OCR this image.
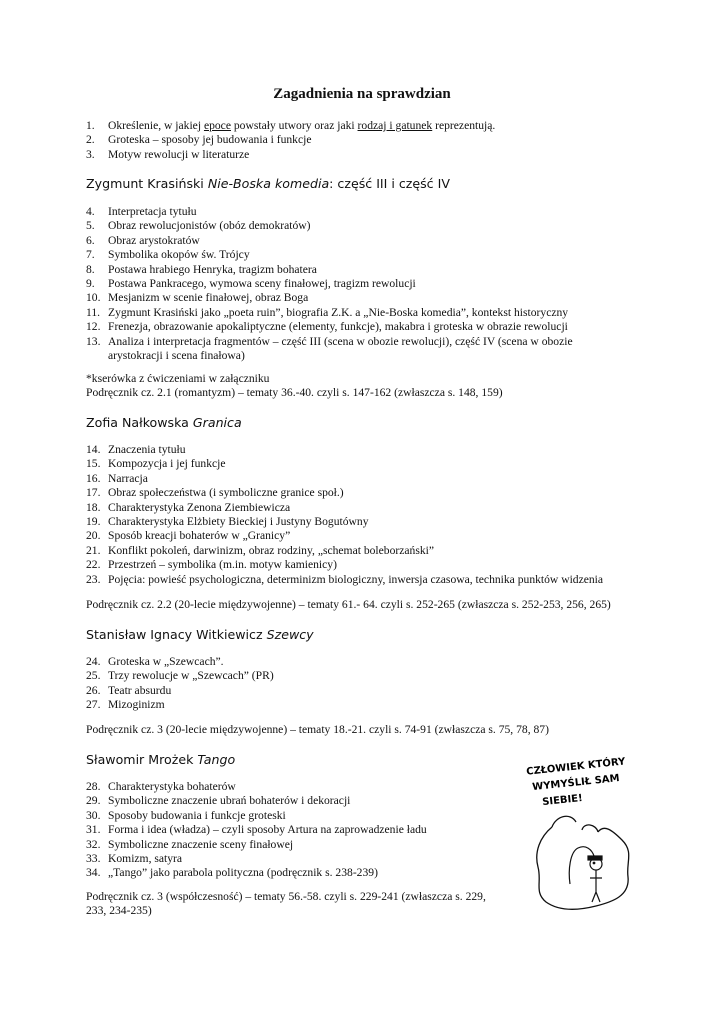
Zagadnienia na sprawdzian
1. Określenie, w jakiej epoce powstały utwory oraz jaki rodzaj i gatunek reprezentują.
2. Groteska – sposoby jej budowania i funkcje
3. Motyw rewolucji w literaturze
Zygmunt Krasiński Nie-Boska komedia: część III i część IV
4. Interpretacja tytułu
5. Obraz rewolucjonistów (obóz demokratów)
6. Obraz arystokratów
7. Symbolika okopów św. Trójcy
8. Postawa hrabiego Henryka, tragizm bohatera
9. Postawa Pankracego, wymowa sceny finałowej, tragizm rewolucji
10. Mesjanizm w scenie finałowej, obraz Boga
11. Zygmunt Krasiński jako „poeta ruin”, biografia Z.K. a „Nie-Boska komedia”, kontekst historyczny
12. Frenezja, obrazowanie apokaliptyczne (elementy, funkcje), makabra i groteska w obrazie rewolucji
13. Analiza i interpretacja fragmentów – część III (scena w obozie rewolucji), część IV (scena w obozie arystokracji i scena finałowa)
*kserówka z ćwiczeniami w załączniku
Podręcznik cz. 2.1 (romantyzm) – tematy 36.-40. czyli s. 147-162 (zwłaszcza s. 148, 159)
Zofia Nałkowska Granica
14. Znaczenia tytułu
15. Kompozycja i jej funkcje
16. Narracja
17. Obraz społeczeństwa (i symboliczne granice społ.)
18. Charakterystyka Zenona Ziembiewicza
19. Charakterystyka Elżbiety Bieckiej i Justyny Bogutówny
20. Sposób kreacji bohaterów w „Granicy”
21. Konflikt pokoleń, darwinizm, obraz rodziny, „schemat boleborzański”
22. Przestrzeń – symbolika (m.in. motyw kamienicy)
23. Pojęcia: powieść psychologiczna, determinizm biologiczny, inwersja czasowa, technika punktów widzenia
Podręcznik cz. 2.2 (20-lecie międzywojenne) – tematy 61.- 64. czyli s. 252-265 (zwłaszcza s. 252-253, 256, 265)
Stanisław Ignacy Witkiewicz Szewcy
24. Groteska w „Szewcach”.
25. Trzy rewolucje w „Szewcach” (PR)
26. Teatr absurdu
27. Mizoginizm
Podręcznik cz. 3 (20-lecie międzywojenne) – tematy 18.-21. czyli s. 74-91 (zwłaszcza s. 75, 78, 87)
Sławomir Mrożek Tango
28. Charakterystyka bohaterów
29. Symboliczne znaczenie ubrań bohaterów i dekoracji
30. Sposoby budowania i funkcje groteski
31. Forma i idea (władza) – czyli sposoby Artura na zaprowadzenie ładu
32. Symboliczne znaczenie sceny finałowej
33. Komizm, satyra
34. „Tango” jako parabola polityczna (podręcznik s. 238-239)
Podręcznik cz. 3 (współczesność) – tematy 56.-58. czyli s. 229-241 (zwłaszcza s. 229, 233, 234-235)
CZŁOWIEK KTÓRY
WYMYŚLIŁ SAM
SIEBIE!
